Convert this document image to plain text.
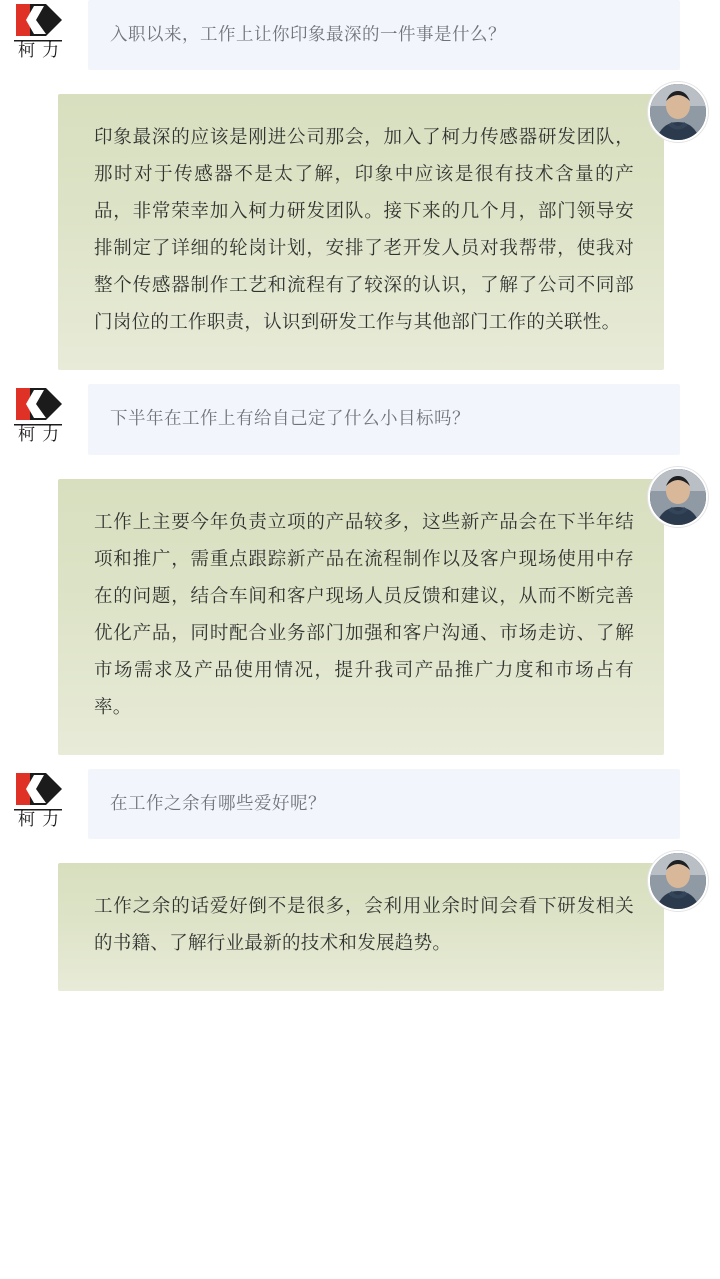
柯 力
入职以来，工作上让你印象最深的一件事是什么？
印象最深的应该是刚进公司那会，加入了柯力传感器研发团队，那时对于传感器不是太了解，印象中应该是很有技术含量的产品，非常荣幸加入柯力研发团队。接下来的几个月，部门领导安排制定了详细的轮岗计划，安排了老开发人员对我帮带，使我对整个传感器制作工艺和流程有了较深的认识，了解了公司不同部门岗位的工作职责，认识到研发工作与其他部门工作的关联性。
柯 力
下半年在工作上有给自己定了什么小目标吗？
工作上主要今年负责立项的产品较多，这些新产品会在下半年结项和推广，需重点跟踪新产品在流程制作以及客户现场使用中存在的问题，结合车间和客户现场人员反馈和建议，从而不断完善优化产品，同时配合业务部门加强和客户沟通、市场走访、了解市场需求及产品使用情况，提升我司产品推广力度和市场占有率。
柯 力
在工作之余有哪些爱好呢？
工作之余的话爱好倒不是很多，会利用业余时间会看下研发相关的书籍、了解行业最新的技术和发展趋势。
